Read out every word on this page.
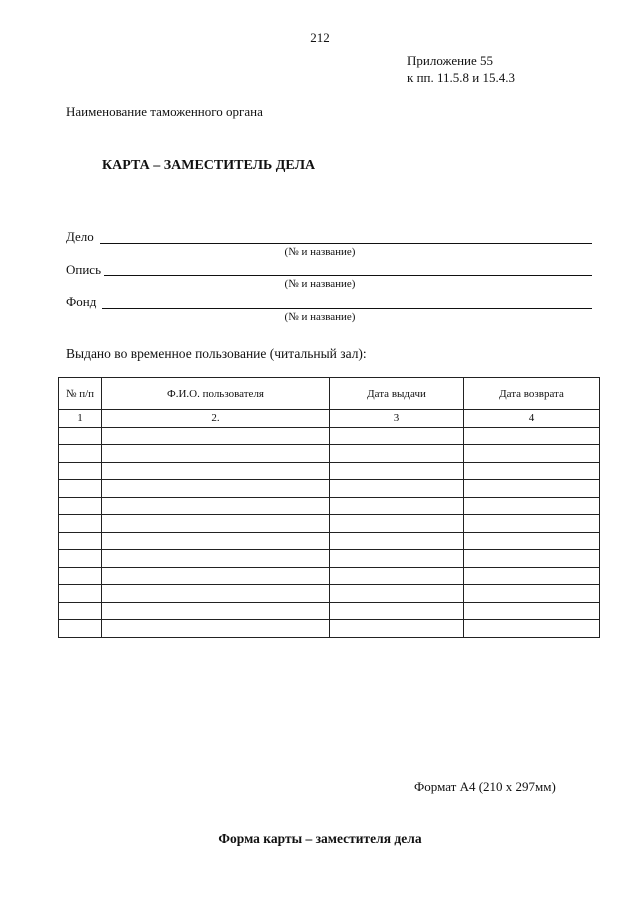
212
Приложение 55
к пп. 11.5.8 и 15.4.3
Наименование таможенного органа
КАРТА – ЗАМЕСТИТЕЛЬ ДЕЛА
Дело
(№ и название)
Опись
(№ и название)
Фонд
(№ и название)
Выдано во временное пользование (читальный зал):
№ п/п	Ф.И.О. пользователя	Дата выдачи	Дата возврата
1	2.	3	4

Формат А4 (210 х 297мм)
Форма карты – заместителя дела
